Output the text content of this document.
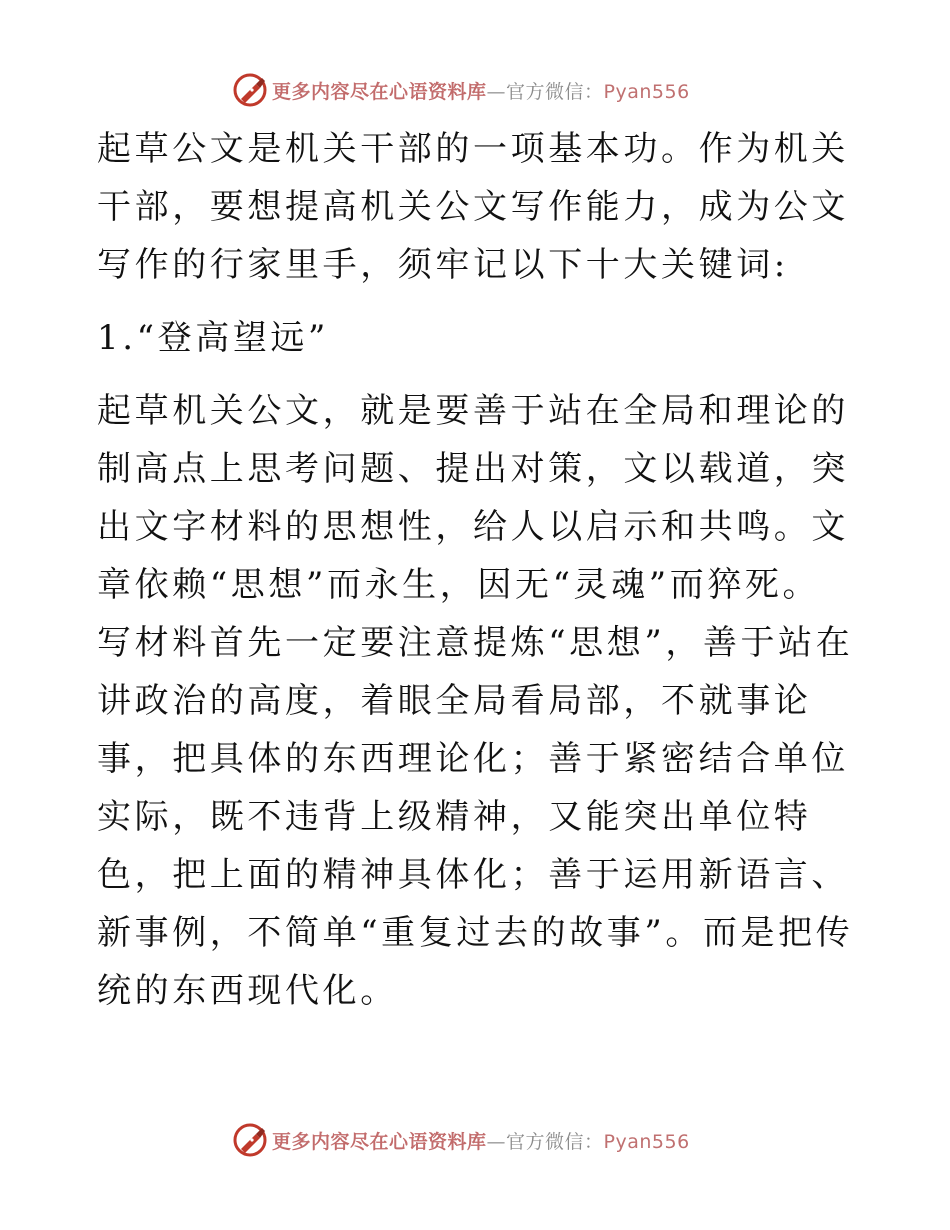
更多内容尽在心语资料库—官方微信：Pyan556

起草公文是机关干部的一项基本功。作为机关干部，要想提高机关公文写作能力，成为公文写作的行家里手，须牢记以下十大关键词:

1.“登高望远”

起草机关公文，就是要善于站在全局和理论的制高点上思考问题、提出对策，文以载道，突出文字材料的思想性，给人以启示和共鸣。文章依赖“思想”而永生，因无“灵魂”而猝死。写材料首先一定要注意提炼“思想”，善于站在讲政治的高度，着眼全局看局部，不就事论事，把具体的东西理论化；善于紧密结合单位实际，既不违背上级精神，又能突出单位特色，把上面的精神具体化；善于运用新语言、新事例，不简单“重复过去的故事”。而是把传统的东西现代化。

更多内容尽在心语资料库—官方微信：Pyan556
